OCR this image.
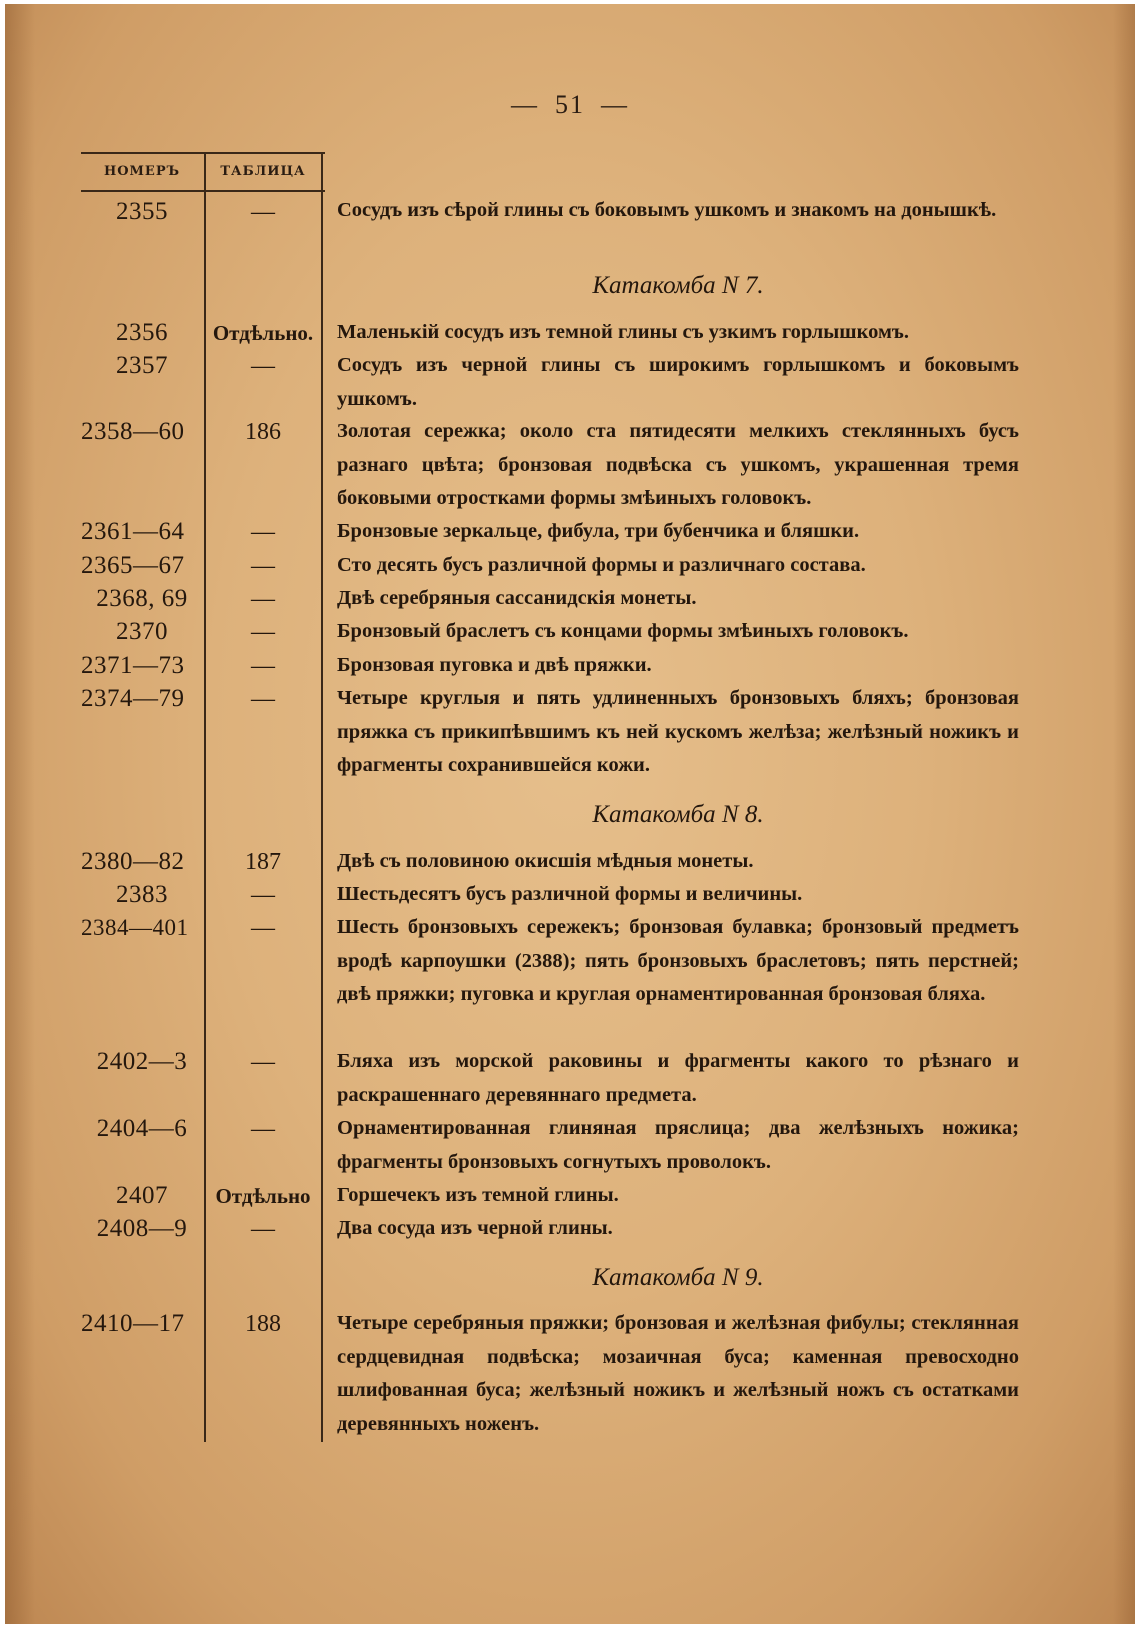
— 51 —
НОМЕРЪ	ТАБЛИЦА
2355	—	Сосудъ изъ сѣрой глины съ боковымъ ушкомъ и знакомъ на донышкѣ.
Катакомба N 7.
2356	Отдѣльно.	Маленькій сосудъ изъ темной глины съ узкимъ горлышкомъ.
2357	—	Сосудъ изъ черной глины съ широкимъ горлышкомъ и боковымъ ушкомъ.
2358—60	186	Золотая сережка; около ста пятидесяти мелкихъ стеклянныхъ бусъ разнаго цвѣта; бронзовая подвѣска съ ушкомъ, украшенная тремя боковыми отростками формы змѣиныхъ головокъ.
2361—64	—	Бронзовые зеркальце, фибула, три бубенчика и бляшки.
2365—67	—	Сто десять бусъ различной формы и различнаго состава.
2368, 69	—	Двѣ серебряныя сассанидскія монеты.
2370	—	Бронзовый браслетъ съ концами формы змѣиныхъ головокъ.
2371—73	—	Бронзовая пуговка и двѣ пряжки.
2374—79	—	Четыре круглыя и пять удлиненныхъ бронзовыхъ бляхъ; бронзовая пряжка съ прикипѣвшимъ къ ней кускомъ желѣза; желѣзный ножикъ и фрагменты сохранившейся кожи.
Катакомба N 8.
2380—82	187	Двѣ съ половиною окисшія мѣдныя монеты.
2383	—	Шестьдесятъ бусъ различной формы и величины.
2384—401	—	Шесть бронзовыхъ сережекъ; бронзовая булавка; бронзовый предметъ вродѣ карпоушки (2388); пять бронзовыхъ браслетовъ; пять перстней; двѣ пряжки; пуговка и круглая орнаментированная бронзовая бляха.
2402—3	—	Бляха изъ морской раковины и фрагменты какого то рѣзнаго и раскрашеннаго деревяннаго предмета.
2404—6	—	Орнаментированная глиняная пряслица; два желѣзныхъ ножика; фрагменты бронзовыхъ согнутыхъ проволокъ.
2407	Отдѣльно	Горшечекъ изъ темной глины.
2408—9	—	Два сосуда изъ черной глины.
Катакомба N 9.
2410—17	188	Четыре серебряныя пряжки; бронзовая и желѣзная фибулы; стеклянная сердцевидная подвѣска; мозаичная буса; каменная превосходно шлифованная буса; желѣзный ножикъ и желѣзный ножъ съ остатками деревянныхъ ноженъ.
